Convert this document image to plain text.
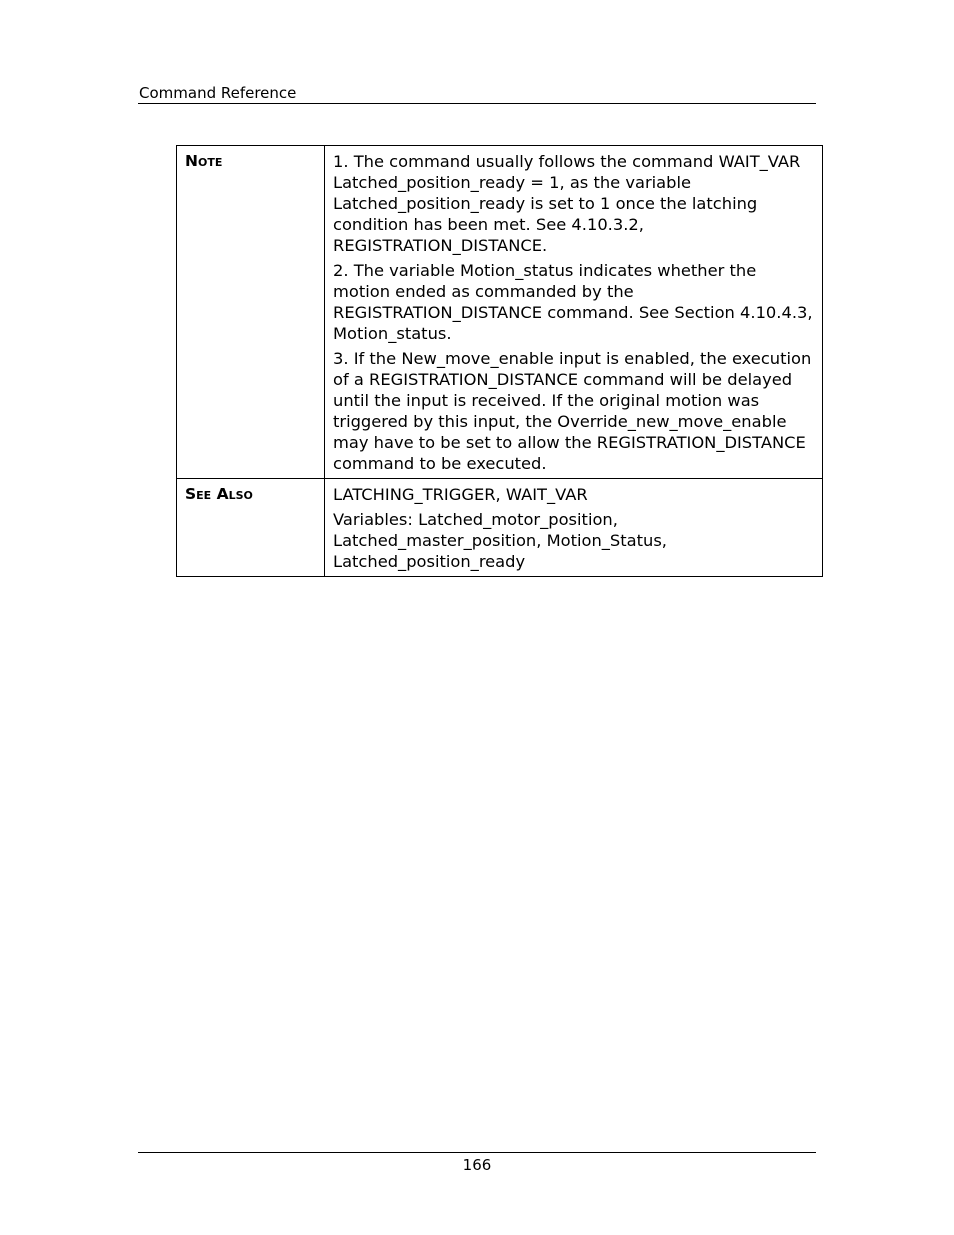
Command Reference
Note	1. The command usually follows the command WAIT_VAR Latched_position_ready = 1, as the variable Latched_position_ready is set to 1 once the latching condition has been met. See 4.10.3.2, REGISTRATION_DISTANCE.

2. The variable Motion_status indicates whether the motion ended as commanded by the REGISTRATION_DISTANCE command. See Section 4.10.4.3, Motion_status.

3. If the New_move_enable input is enabled, the execution of a REGISTRATION_DISTANCE command will be delayed until the input is received. If the original motion was triggered by this input, the Override_new_move_enable may have to be set to allow the REGISTRATION_DISTANCE command to be executed.

See Also	LATCHING_TRIGGER, WAIT_VAR

Variables: Latched_motor_position, Latched_master_position, Motion_Status, Latched_position_ready

166
